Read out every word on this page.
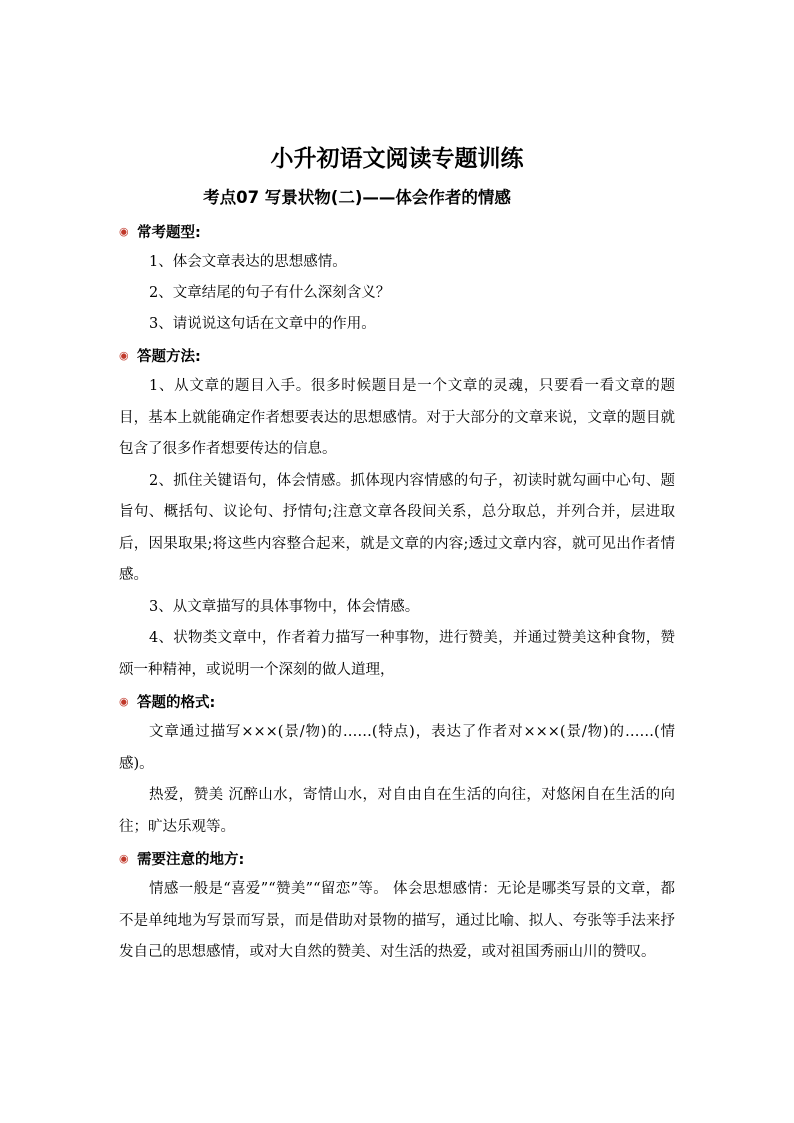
小升初语文阅读专题训练
考点07 写景状物(二)——体会作者的情感
◉ 常考题型:
1、体会文章表达的思想感情。
2、文章结尾的句子有什么深刻含义？
3、请说说这句话在文章中的作用。
◉ 答题方法:

1、从文章的题目入手。很多时候题目是一个文章的灵魂，只要看一看文章的题目，基本上就能确定作者想要表达的思想感情。对于大部分的文章来说，文章的题目就包含了很多作者想要传达的信息。

2、抓住关键语句，体会情感。抓体现内容情感的句子，初读时就勾画中心句、题旨句、概括句、议论句、抒情句;注意文章各段间关系，总分取总，并列合并，层进取后，因果取果;将这些内容整合起来，就是文章的内容;透过文章内容，就可见出作者情感。

3、从文章描写的具体事物中，体会情感。

4、状物类文章中，作者着力描写一种事物，进行赞美，并通过赞美这种食物，赞颂一种精神，或说明一个深刻的做人道理，

◉ 答题的格式:

文章通过描写×××(景/物)的……(特点)，表达了作者对×××(景/物)的……(情感)。

热爱，赞美 沉醉山水，寄情山水，对自由自在生活的向往，对悠闲自在生活的向往；旷达乐观等。

◉ 需要注意的地方:

情感一般是“喜爱”“赞美”“留恋”等。 体会思想感情：无论是哪类写景的文章，都不是单纯地为写景而写景，而是借助对景物的描写，通过比喻、拟人、夸张等手法来抒发自己的思想感情，或对大自然的赞美、对生活的热爱，或对祖国秀丽山川的赞叹。
